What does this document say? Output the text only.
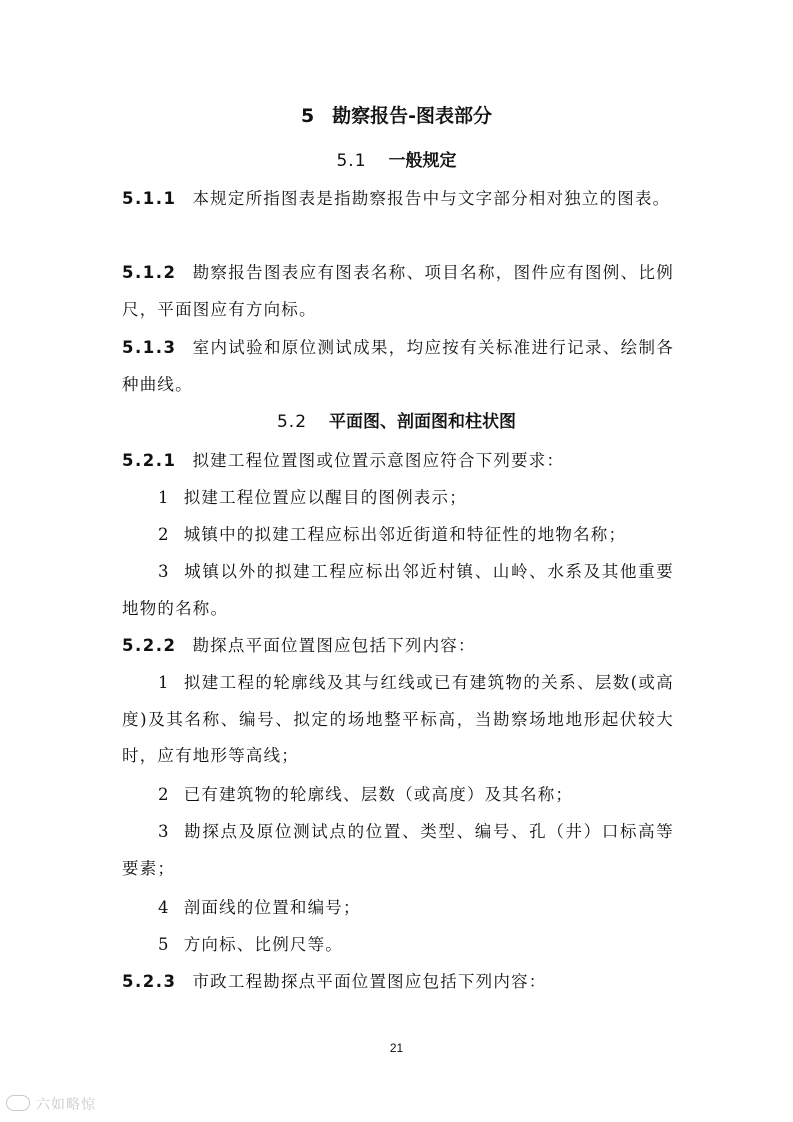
5 勘察报告-图表部分
5.1 一般规定
5.1.1 本规定所指图表是指勘察报告中与文字部分相对独立的图表。
5.1.2 勘察报告图表应有图表名称、项目名称，图件应有图例、比例尺，平面图应有方向标。
5.1.3 室内试验和原位测试成果，均应按有关标准进行记录、绘制各种曲线。
5.2 平面图、剖面图和柱状图
5.2.1 拟建工程位置图或位置示意图应符合下列要求：
1 拟建工程位置应以醒目的图例表示；
2 城镇中的拟建工程应标出邻近街道和特征性的地物名称；
3 城镇以外的拟建工程应标出邻近村镇、山岭、水系及其他重要地物的名称。
5.2.2 勘探点平面位置图应包括下列内容：
1 拟建工程的轮廓线及其与红线或已有建筑物的关系、层数(或高度)及其名称、编号、拟定的场地整平标高，当勘察场地地形起伏较大时，应有地形等高线；
2 已有建筑物的轮廓线、层数（或高度）及其名称；
3 勘探点及原位测试点的位置、类型、编号、孔（井）口标高等要素；
4 剖面线的位置和编号；
5 方向标、比例尺等。
5.2.3 市政工程勘探点平面位置图应包括下列内容：
21
六如略惊
